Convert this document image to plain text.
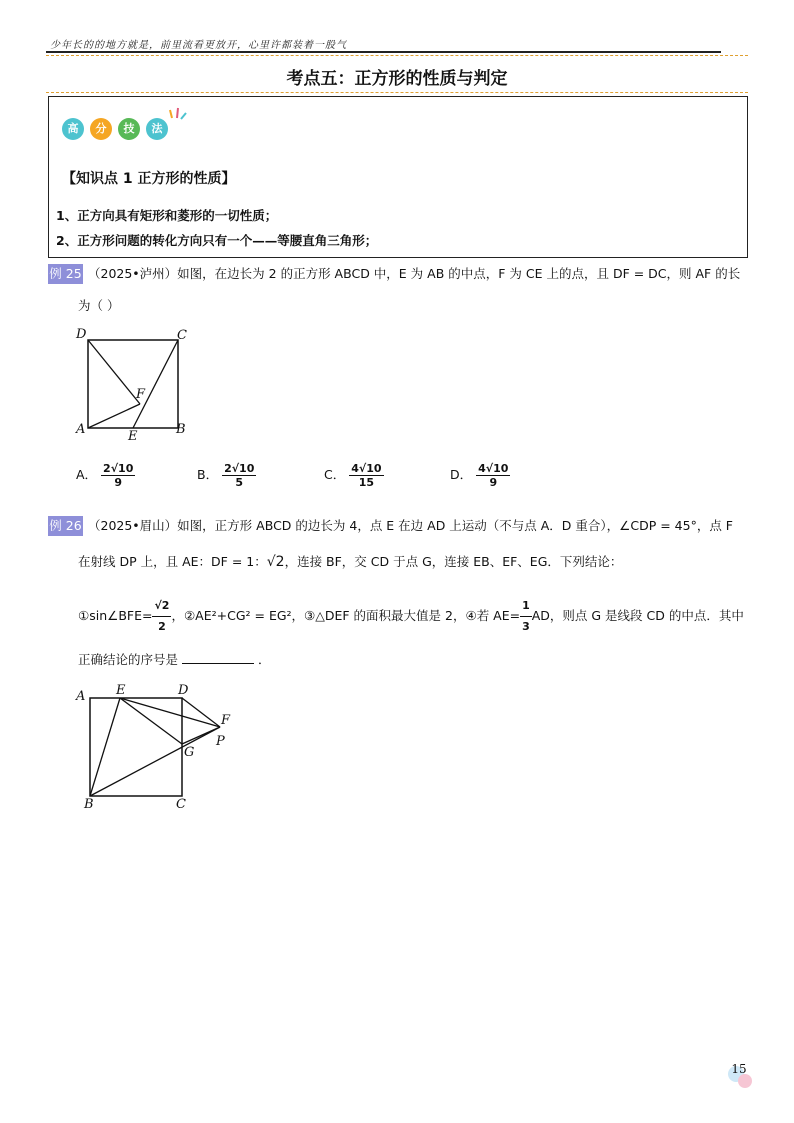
少年长的的地方就是，前里流看更放开，心里许都装着一股气
考点五：正方形的性质与判定
高	分	技	法
【知识点 1 正方形的性质】
1、正方向具有矩形和菱形的一切性质；
2、正方形问题的转化方向只有一个——等腰直角三角形；
例 25 （2025•泸州）如图，在边长为 2 的正方形 ABCD 中，E 为 AB 的中点，F 为 CE 上的点，且 DF = DC，则 AF 的长
为（ ）
D	C
A	B
E
F
A． $\frac{2√10}{9}$	B． $\frac{2√10}{5}$	C． $\frac{4√10}{15}$	D． $\frac{4√10}{9}$
例 26 （2025•眉山）如图，正方形 ABCD 的边长为 4，点 E 在边 AD 上运动（不与点 A．D 重合），∠CDP = 45°，点 F
在射线 DP 上，且 AE：DF = 1：√2，连接 BF，交 CD 于点 G，连接 EB、EF、EG．下列结论：
①sin∠BFE= $\frac{√2}{2}$ ，②AE²+CG² = EG²，③△DEF 的面积最大值是 2，④若 $AE= \frac{1}{3}$ AD，则点 G 是线段 CD 的中点．其中
正确结论的序号是	．
A E	D
F
P
G
B	C
15
